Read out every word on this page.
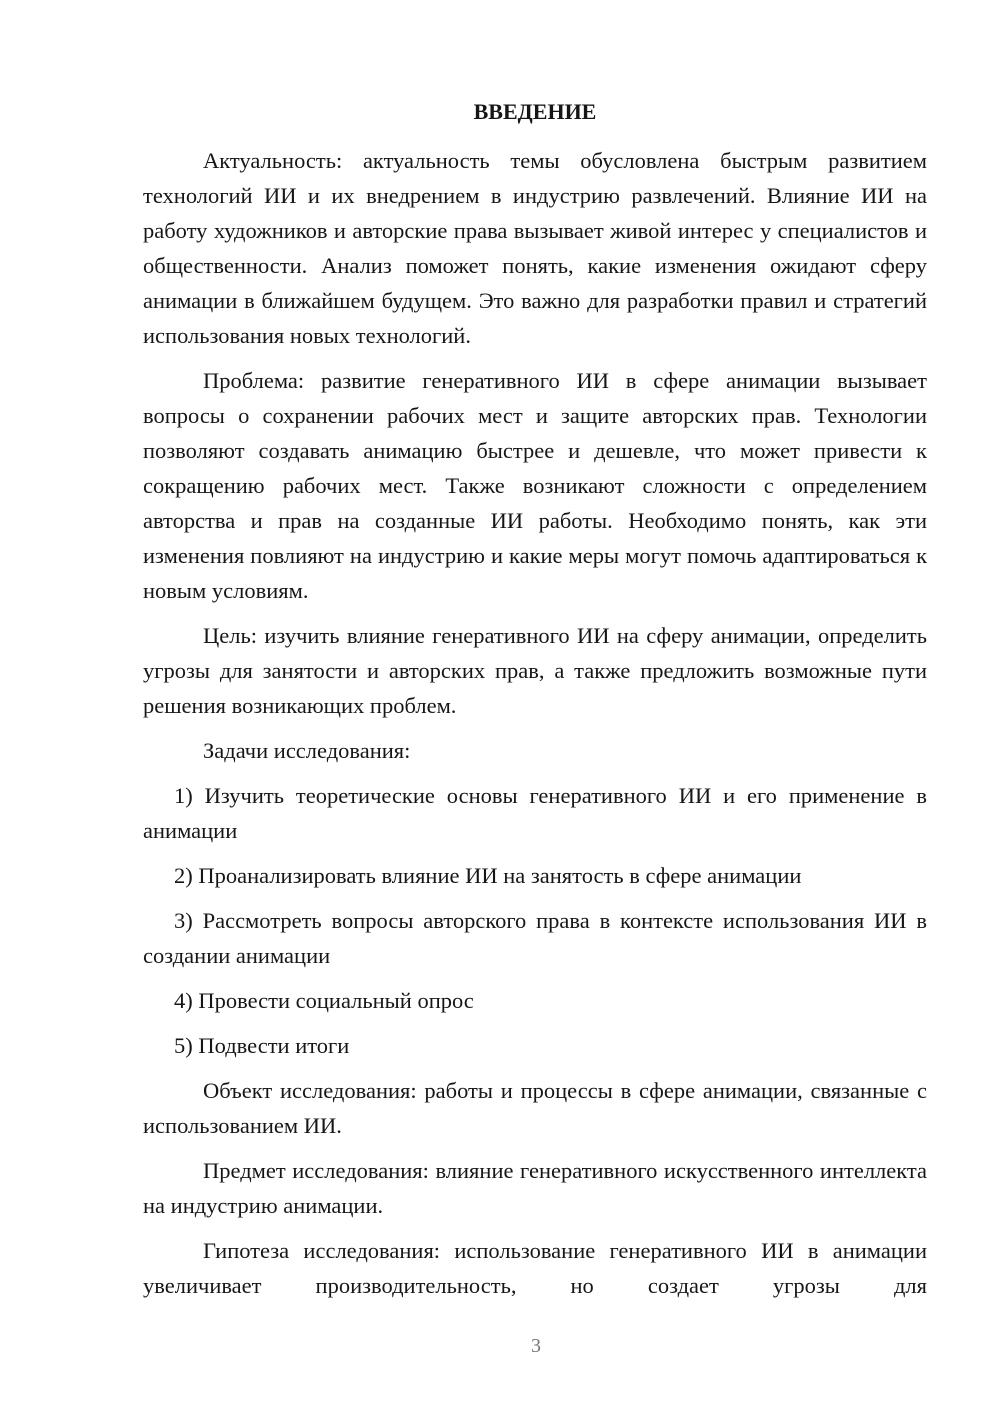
ВВЕДЕНИЕ

Актуальность: актуальность темы обусловлена быстрым развитием технологий ИИ и их внедрением в индустрию развлечений. Влияние ИИ на работу художников и авторские права вызывает живой интерес у специалистов и общественности. Анализ поможет понять, какие изменения ожидают сферу анимации в ближайшем будущем. Это важно для разработки правил и стратегий использования новых технологий.

Проблема: развитие генеративного ИИ в сфере анимации вызывает вопросы о сохранении рабочих мест и защите авторских прав. Технологии позволяют создавать анимацию быстрее и дешевле, что может привести к сокращению рабочих мест. Также возникают сложности с определением авторства и прав на созданные ИИ работы. Необходимо понять, как эти изменения повлияют на индустрию и какие меры могут помочь адаптироваться к новым условиям.

Цель: изучить влияние генеративного ИИ на сферу анимации, определить угрозы для занятости и авторских прав, а также предложить возможные пути решения возникающих проблем.

Задачи исследования:

1) Изучить теоретические основы генеративного ИИ и его применение в анимации

2) Проанализировать влияние ИИ на занятость в сфере анимации

3) Рассмотреть вопросы авторского права в контексте использования ИИ в создании анимации

4) Провести социальный опрос

5) Подвести итоги

Объект исследования: работы и процессы в сфере анимации, связанные с использованием ИИ.

Предмет исследования: влияние генеративного искусственного интеллекта на индустрию анимации.

Гипотеза исследования: использование генеративного ИИ в анимации увеличивает производительность, но создает угрозы для

3
